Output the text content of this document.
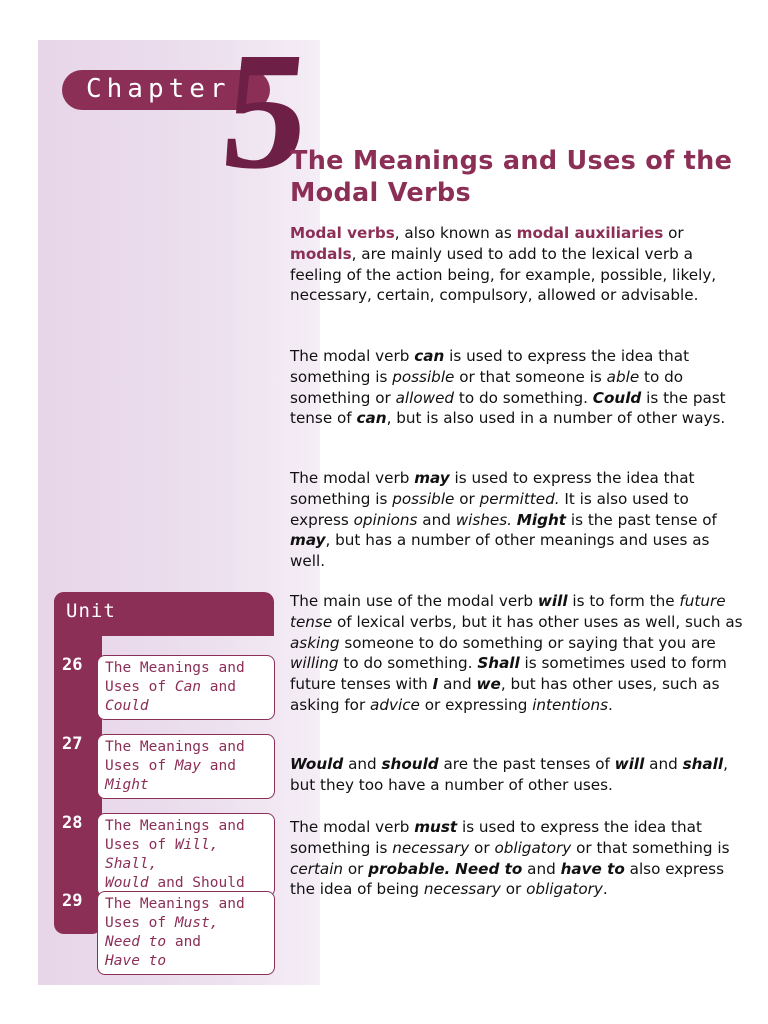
Chapter
5
The Meanings and Uses of the
Modal Verbs

Modal verbs, also known as modal auxiliaries or modals, are mainly used to add to the lexical verb a feeling of the action being, for example, possible, likely, necessary, certain, compulsory, allowed or advisable.

The modal verb can is used to express the idea that something is possible or that someone is able to do something or allowed to do something. Could is the past tense of can, but is also used in a number of other ways.

The modal verb may is used to express the idea that something is possible or permitted. It is also used to express opinions and wishes. Might is the past tense of may, but has a number of other meanings and uses as well.

The main use of the modal verb will is to form the future tense of lexical verbs, but it has other uses as well, such as asking someone to do something or saying that you are willing to do something. Shall is sometimes used to form future tenses with I and we, but has other uses, such as asking for advice or expressing intentions.

Would and should are the past tenses of will and shall, but they too have a number of other uses.

The modal verb must is used to express the idea that something is necessary or obligatory or that something is certain or probable. Need to and have to also express the idea of being necessary or obligatory.

Unit
26 The Meanings and
Uses of Can and
Could
27 The Meanings and
Uses of May and
Might
28 The Meanings and
Uses of Will, Shall,
Would and Should
29 The Meanings and
Uses of Must,
Need to and
Have to
